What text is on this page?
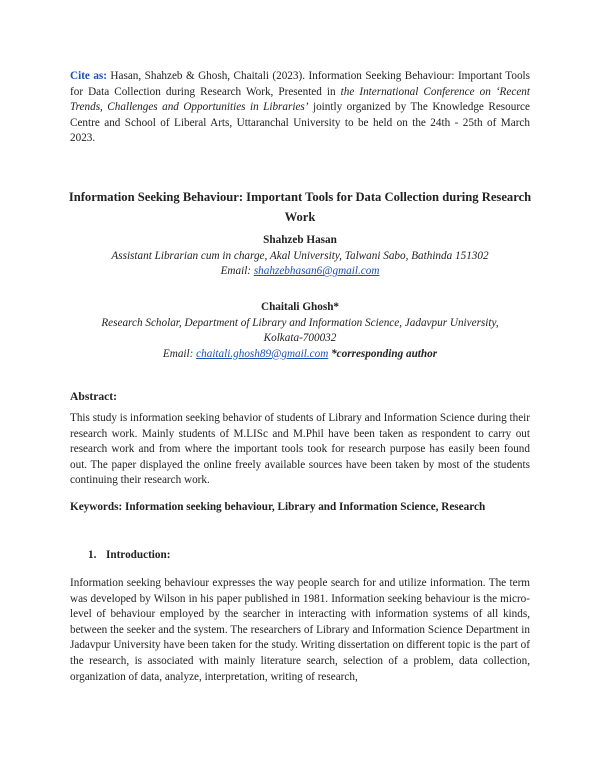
Cite as: Hasan, Shahzeb & Ghosh, Chaitali (2023). Information Seeking Behaviour: Important Tools for Data Collection during Research Work, Presented in the International Conference on ‘Recent Trends, Challenges and Opportunities in Libraries’ jointly organized by The Knowledge Resource Centre and School of Liberal Arts, Uttaranchal University to be held on the 24th - 25th of March 2023.
Information Seeking Behaviour: Important Tools for Data Collection during Research Work
Shahzeb Hasan
Assistant Librarian cum in charge, Akal University, Talwani Sabo, Bathinda 151302
Email: shahzebhasan6@gmail.com
Chaitali Ghosh*
Research Scholar, Department of Library and Information Science, Jadavpur University,
Kolkata-700032
Email: chaitali.ghosh89@gmail.com *corresponding author
Abstract:
This study is information seeking behavior of students of Library and Information Science during their research work. Mainly students of M.LISc and M.Phil have been taken as respondent to carry out research work and from where the important tools took for research purpose has easily been found out. The paper displayed the online freely available sources have been taken by most of the students continuing their research work.
Keywords: Information seeking behaviour, Library and Information Science, Research
1. Introduction:
Information seeking behaviour expresses the way people search for and utilize information. The term was developed by Wilson in his paper published in 1981. Information seeking behaviour is the micro-level of behaviour employed by the searcher in interacting with information systems of all kinds, between the seeker and the system. The researchers of Library and Information Science Department in Jadavpur University have been taken for the study. Writing dissertation on different topic is the part of the research, is associated with mainly literature search, selection of a problem, data collection, organization of data, analyze, interpretation, writing of research,
